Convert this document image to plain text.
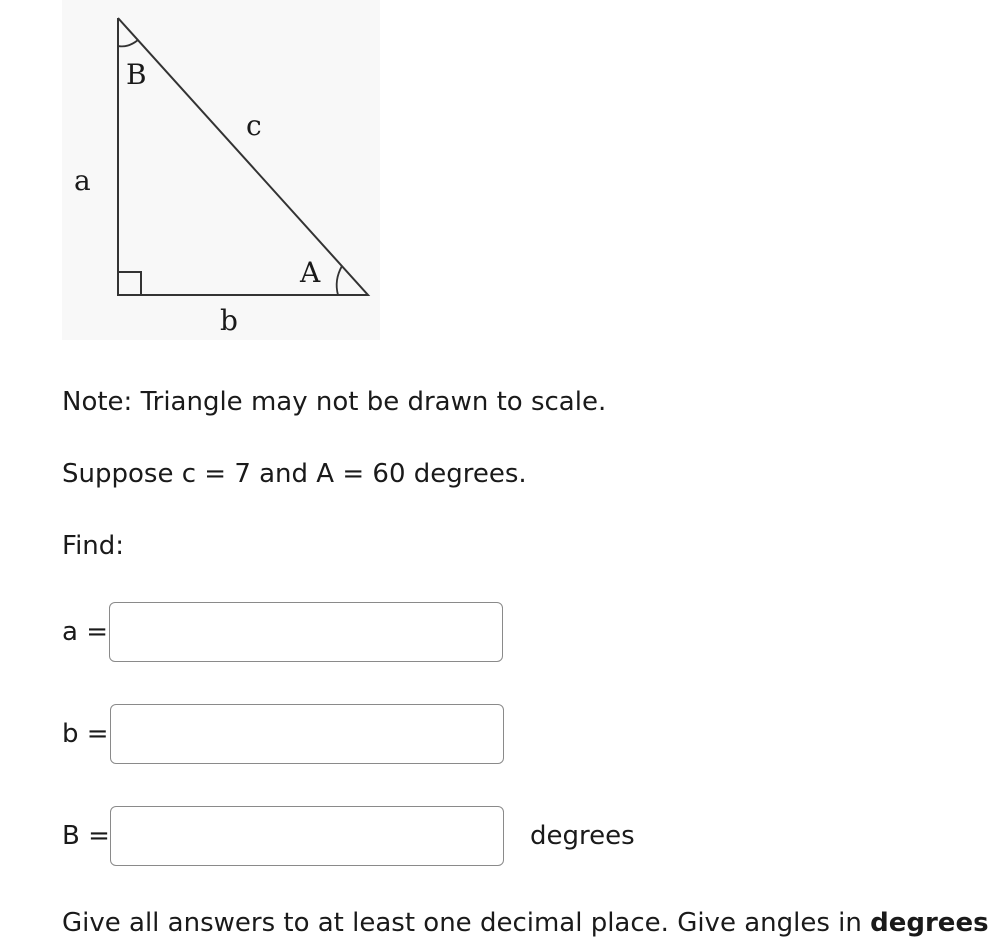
B
A
a
b
c
Note: Triangle may not be drawn to scale.
Suppose c = 7 and A = 60 degrees.
Find:
a =
b =
B =	degrees
Give all answers to at least one decimal place. Give angles in degrees
